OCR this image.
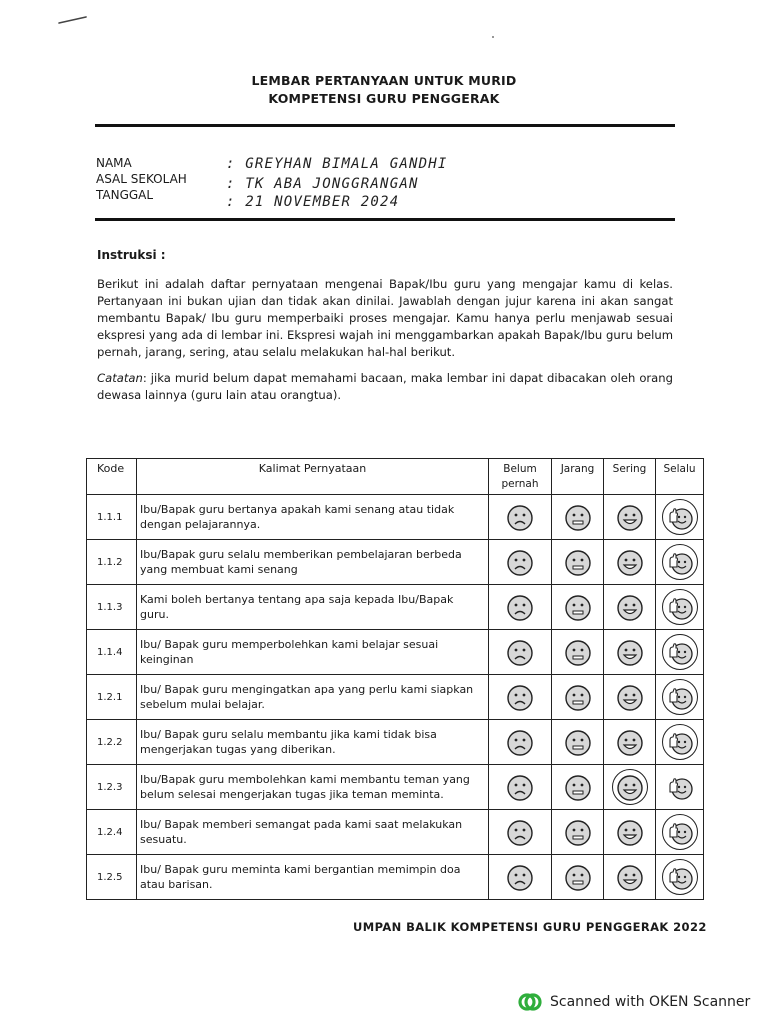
LEMBAR PERTANYAAN UNTUK MURID
KOMPETENSI GURU PENGGERAK
NAMA	: GREYHAN BIMALA GANDHI
ASAL SEKOLAH	: TK ABA JONGGRANGAN
TANGGAL	: 21 NOVEMBER 2024
Instruksi :
Berikut ini adalah daftar pernyataan mengenai Bapak/Ibu guru yang mengajar kamu di kelas. Pertanyaan ini bukan ujian dan tidak akan dinilai. Jawablah dengan jujur karena ini akan sangat membantu Bapak/ Ibu guru memperbaiki proses mengajar. Kamu hanya perlu menjawab sesuai ekspresi yang ada di lembar ini. Ekspresi wajah ini menggambarkan apakah Bapak/Ibu guru belum pernah, jarang, sering, atau selalu melakukan hal-hal berikut.
Catatan: jika murid belum dapat memahami bacaan, maka lembar ini dapat dibacakan oleh orang dewasa lainnya (guru lain atau orangtua).
Kode	Kalimat Pernyataan	Belum pernah	Jarang	Sering	Selalu
1.1.1	Ibu/Bapak guru bertanya apakah kami senang atau tidak dengan pelajarannya.				
1.1.2	Ibu/Bapak guru selalu memberikan pembelajaran berbeda yang membuat kami senang				
1.1.3	Kami boleh bertanya tentang apa saja kepada Ibu/Bapak guru.				
1.1.4	Ibu/ Bapak guru memperbolehkan kami belajar sesuai keinginan				
1.2.1	Ibu/ Bapak guru mengingatkan apa yang perlu kami siapkan sebelum mulai belajar.				
1.2.2	Ibu/ Bapak guru selalu membantu jika kami tidak bisa mengerjakan tugas yang diberikan.				
1.2.3	Ibu/Bapak guru membolehkan kami membantu teman yang belum selesai mengerjakan tugas jika teman meminta.				
1.2.4	Ibu/ Bapak memberi semangat pada kami saat melakukan sesuatu.				
1.2.5	Ibu/ Bapak guru meminta kami bergantian memimpin doa atau barisan.				
UMPAN BALIK KOMPETENSI GURU PENGGERAK 2022
Scanned with OKEN Scanner
